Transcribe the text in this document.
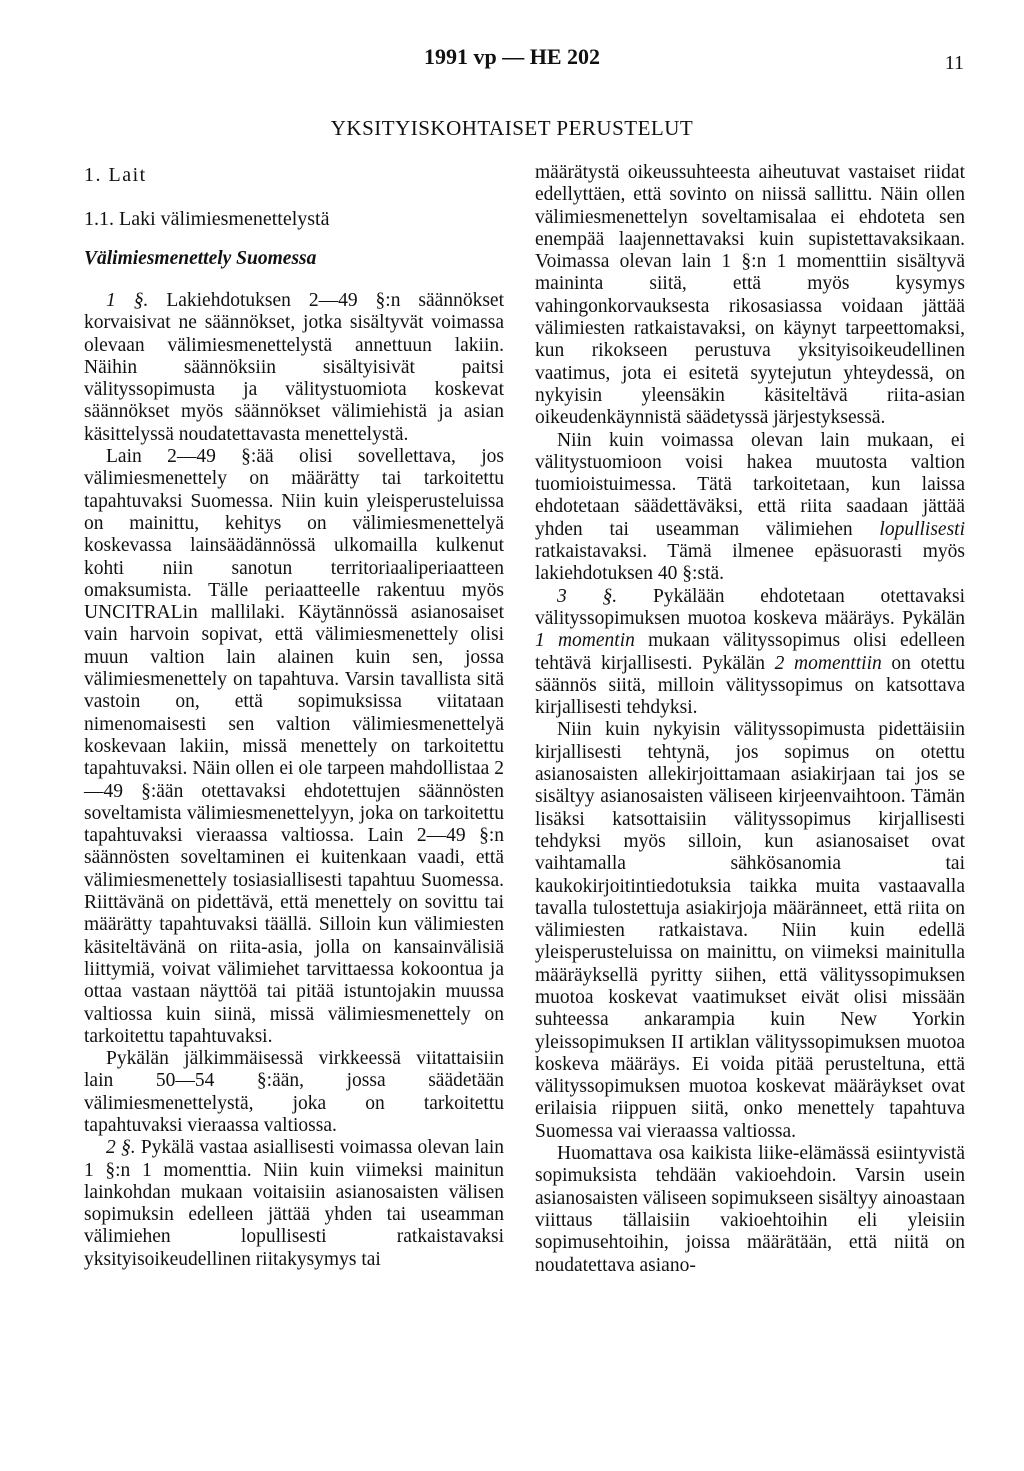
1991 vp — HE 202	11
YKSITYISKOHTAISET PERUSTELUT
1. Lait
1.1. Laki välimiesmenettelystä
Välimiesmenettely Suomessa

1 §. Lakiehdotuksen 2—49 §:n säännökset korvaisivat ne säännökset, jotka sisältyvät voimassa olevaan välimiesmenettelystä annettuun lakiin. Näihin säännöksiin sisältyisivät paitsi välityssopimusta ja välitystuomiota koskevat säännökset myös säännökset välimiehistä ja asian käsittelyssä noudatettavasta menettelystä.

Lain 2—49 §:ää olisi sovellettava, jos välimiesmenettely on määrätty tai tarkoitettu tapahtuvaksi Suomessa. Niin kuin yleisperusteluissa on mainittu, kehitys on välimiesmenettelyä koskevassa lainsäädännössä ulkomailla kulkenut kohti niin sanotun territoriaaliperiaatteen omaksumista. Tälle periaatteelle rakentuu myös UNCITRALin mallilaki. Käytännössä asianosaiset vain harvoin sopivat, että välimiesmenettely olisi muun valtion lain alainen kuin sen, jossa välimiesmenettely on tapahtuva. Varsin tavallista sitä vastoin on, että sopimuksissa viitataan nimenomaisesti sen valtion välimiesmenettelyä koskevaan lakiin, missä menettely on tarkoitettu tapahtuvaksi. Näin ollen ei ole tarpeen mahdollistaa 2—49 §:ään otettavaksi ehdotettujen säännösten soveltamista välimiesmenettelyyn, joka on tarkoitettu tapahtuvaksi vieraassa valtiossa. Lain 2—49 §:n säännösten soveltaminen ei kuitenkaan vaadi, että välimiesmenettely tosiasiallisesti tapahtuu Suomessa. Riittävänä on pidettävä, että menettely on sovittu tai määrätty tapahtuvaksi täällä. Silloin kun välimiesten käsiteltävänä on riita-asia, jolla on kansainvälisiä liittymiä, voivat välimiehet tarvittaessa kokoontua ja ottaa vastaan näyttöä tai pitää istuntojakin muussa valtiossa kuin siinä, missä välimiesmenettely on tarkoitettu tapahtuvaksi.

Pykälän jälkimmäisessä virkkeessä viitattaisiin lain 50—54 §:ään, jossa säädetään välimiesmenettelystä, joka on tarkoitettu tapahtuvaksi vieraassa valtiossa.

2 §. Pykälä vastaa asiallisesti voimassa olevan lain 1 §:n 1 momenttia. Niin kuin viimeksi mainitun lainkohdan mukaan voitaisiin asianosaisten välisen sopimuksin edelleen jättää yhden tai useamman välimiehen lopullisesti ratkaistavaksi yksityisoikeudellinen riitakysymys tai

määrätystä oikeussuhteesta aiheutuvat vastaiset riidat edellyttäen, että sovinto on niissä sallittu. Näin ollen välimiesmenettelyn soveltamisalaa ei ehdoteta sen enempää laajennettavaksi kuin supistettavaksikaan. Voimassa olevan lain 1 §:n 1 momenttiin sisältyvä maininta siitä, että myös kysymys vahingonkorvauksesta rikosasiassa voidaan jättää välimiesten ratkaistavaksi, on käynyt tarpeettomaksi, kun rikokseen perustuva yksityisoikeudellinen vaatimus, jota ei esitetä syytejutun yhteydessä, on nykyisin yleensäkin käsiteltävä riita-asian oikeudenkäynnistä säädetyssä järjestyksessä.

Niin kuin voimassa olevan lain mukaan, ei välitystuomioon voisi hakea muutosta valtion tuomioistuimessa. Tätä tarkoitetaan, kun laissa ehdotetaan säädettäväksi, että riita saadaan jättää yhden tai useamman välimiehen lopullisesti ratkaistavaksi. Tämä ilmenee epäsuorasti myös lakiehdotuksen 40 §:stä.

3 §. Pykälään ehdotetaan otettavaksi välityssopimuksen muotoa koskeva määräys. Pykälän 1 momentin mukaan välityssopimus olisi edelleen tehtävä kirjallisesti. Pykälän 2 momenttiin on otettu säännös siitä, milloin välityssopimus on katsottava kirjallisesti tehdyksi.

Niin kuin nykyisin välityssopimusta pidettäisiin kirjallisesti tehtynä, jos sopimus on otettu asianosaisten allekirjoittamaan asiakirjaan tai jos se sisältyy asianosaisten väliseen kirjeenvaihtoon. Tämän lisäksi katsottaisiin välityssopimus kirjallisesti tehdyksi myös silloin, kun asianosaiset ovat vaihtamalla sähkösanomia tai kaukokirjoitintiedotuksia taikka muita vastaavalla tavalla tulostettuja asiakirjoja määränneet, että riita on välimiesten ratkaistava. Niin kuin edellä yleisperusteluissa on mainittu, on viimeksi mainitulla määräyksellä pyritty siihen, että välityssopimuksen muotoa koskevat vaatimukset eivät olisi missään suhteessa ankarampia kuin New Yorkin yleissopimuksen II artiklan välityssopimuksen muotoa koskeva määräys. Ei voida pitää perusteltuna, että välityssopimuksen muotoa koskevat määräykset ovat erilaisia riippuen siitä, onko menettely tapahtuva Suomessa vai vieraassa valtiossa.

Huomattava osa kaikista liike-elämässä esiintyvistä sopimuksista tehdään vakioehdoin. Varsin usein asianosaisten väliseen sopimukseen sisältyy ainoastaan viittaus tällaisiin vakioehtoihin eli yleisiin sopimusehtoihin, joissa määrätään, että niitä on noudatettava asiano-
